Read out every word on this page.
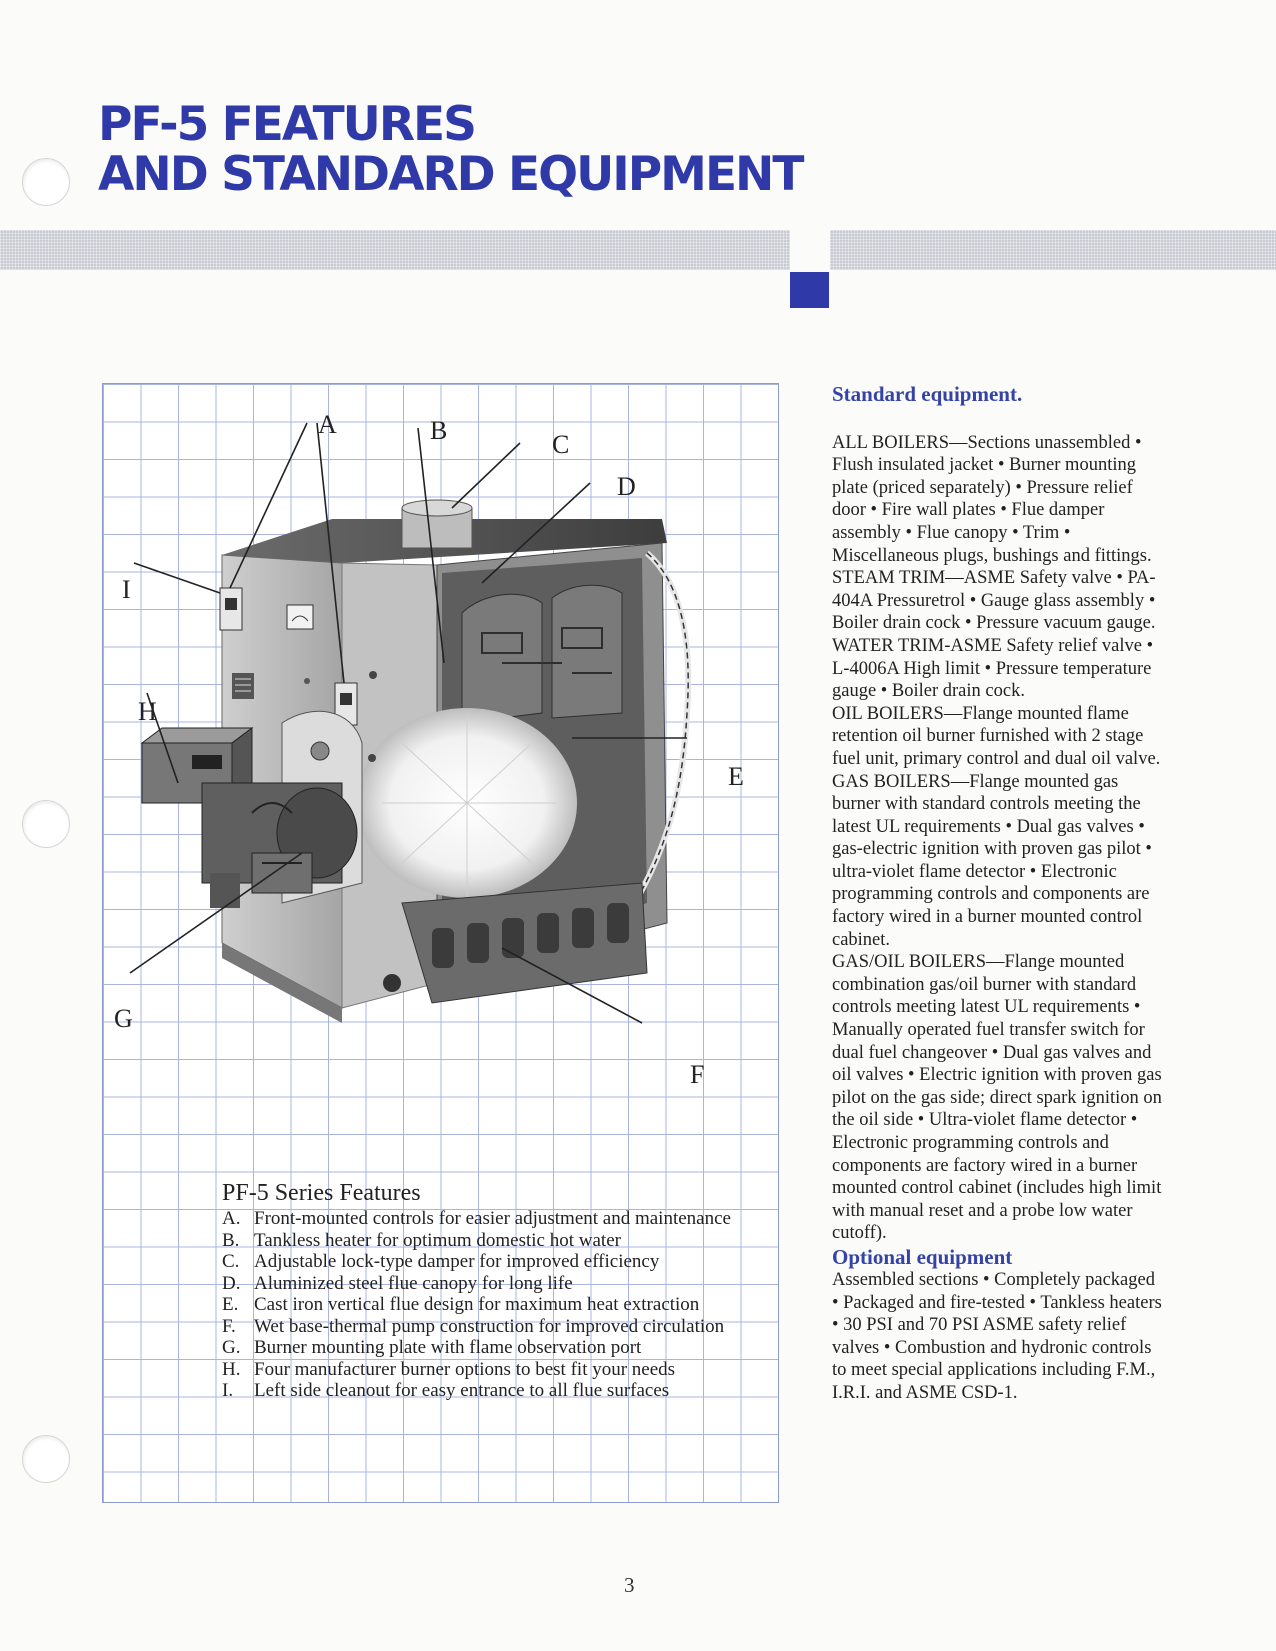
PF-5 FEATURES
AND STANDARD EQUIPMENT
A	B	C
D
E
F
G
H
I
PF-5 Series Features
A. Front-mounted controls for easier adjustment and maintenance
B. Tankless heater for optimum domestic hot water
C. Adjustable lock-type damper for improved efficiency
D. Aluminized steel flue canopy for long life
E. Cast iron vertical flue design for maximum heat extraction
F. Wet base-thermal pump construction for improved circulation
G. Burner mounting plate with flame observation port
H. Four manufacturer burner options to best fit your needs
I.	Left side cleanout for easy entrance to all flue surfaces
Standard equipment.

ALL BOILERS—Sections unassembled • Flush insulated jacket • Burner mounting plate (priced separately) • Pressure relief door • Fire wall plates • Flue damper assembly • Flue canopy • Trim • Miscellaneous plugs, bushings and fittings.

STEAM TRIM—ASME Safety valve • PA-404A Pressuretrol • Gauge glass assembly • Boiler drain cock • Pressure vacuum gauge.

WATER TRIM-ASME Safety relief valve • L-4006A High limit • Pressure temperature gauge • Boiler drain cock.

OIL BOILERS—Flange mounted flame retention oil burner furnished with 2 stage fuel unit, primary control and dual oil valve.

GAS BOILERS—Flange mounted gas burner with standard controls meeting the latest UL requirements • Dual gas valves • gas-electric ignition with proven gas pilot • ultra-violet flame detector • Electronic programming controls and components are factory wired in a burner mounted control cabinet.

GAS/OIL BOILERS—Flange mounted combination gas/oil burner with standard controls meeting latest UL requirements • Manually operated fuel transfer switch for dual fuel changeover • Dual gas valves and oil valves • Electric ignition with proven gas pilot on the gas side; direct spark ignition on the oil side • Ultra-violet flame detector • Electronic programming controls and components are factory wired in a burner mounted control cabinet (includes high limit with manual reset and a probe low water cutoff).

Optional equipment

Assembled sections • Completely packaged • Packaged and fire-tested • Tankless heaters • 30 PSI and 70 PSI ASME safety relief valves • Combustion and hydronic controls to meet special applications including F.M., I.R.I. and ASME CSD-1.

3
